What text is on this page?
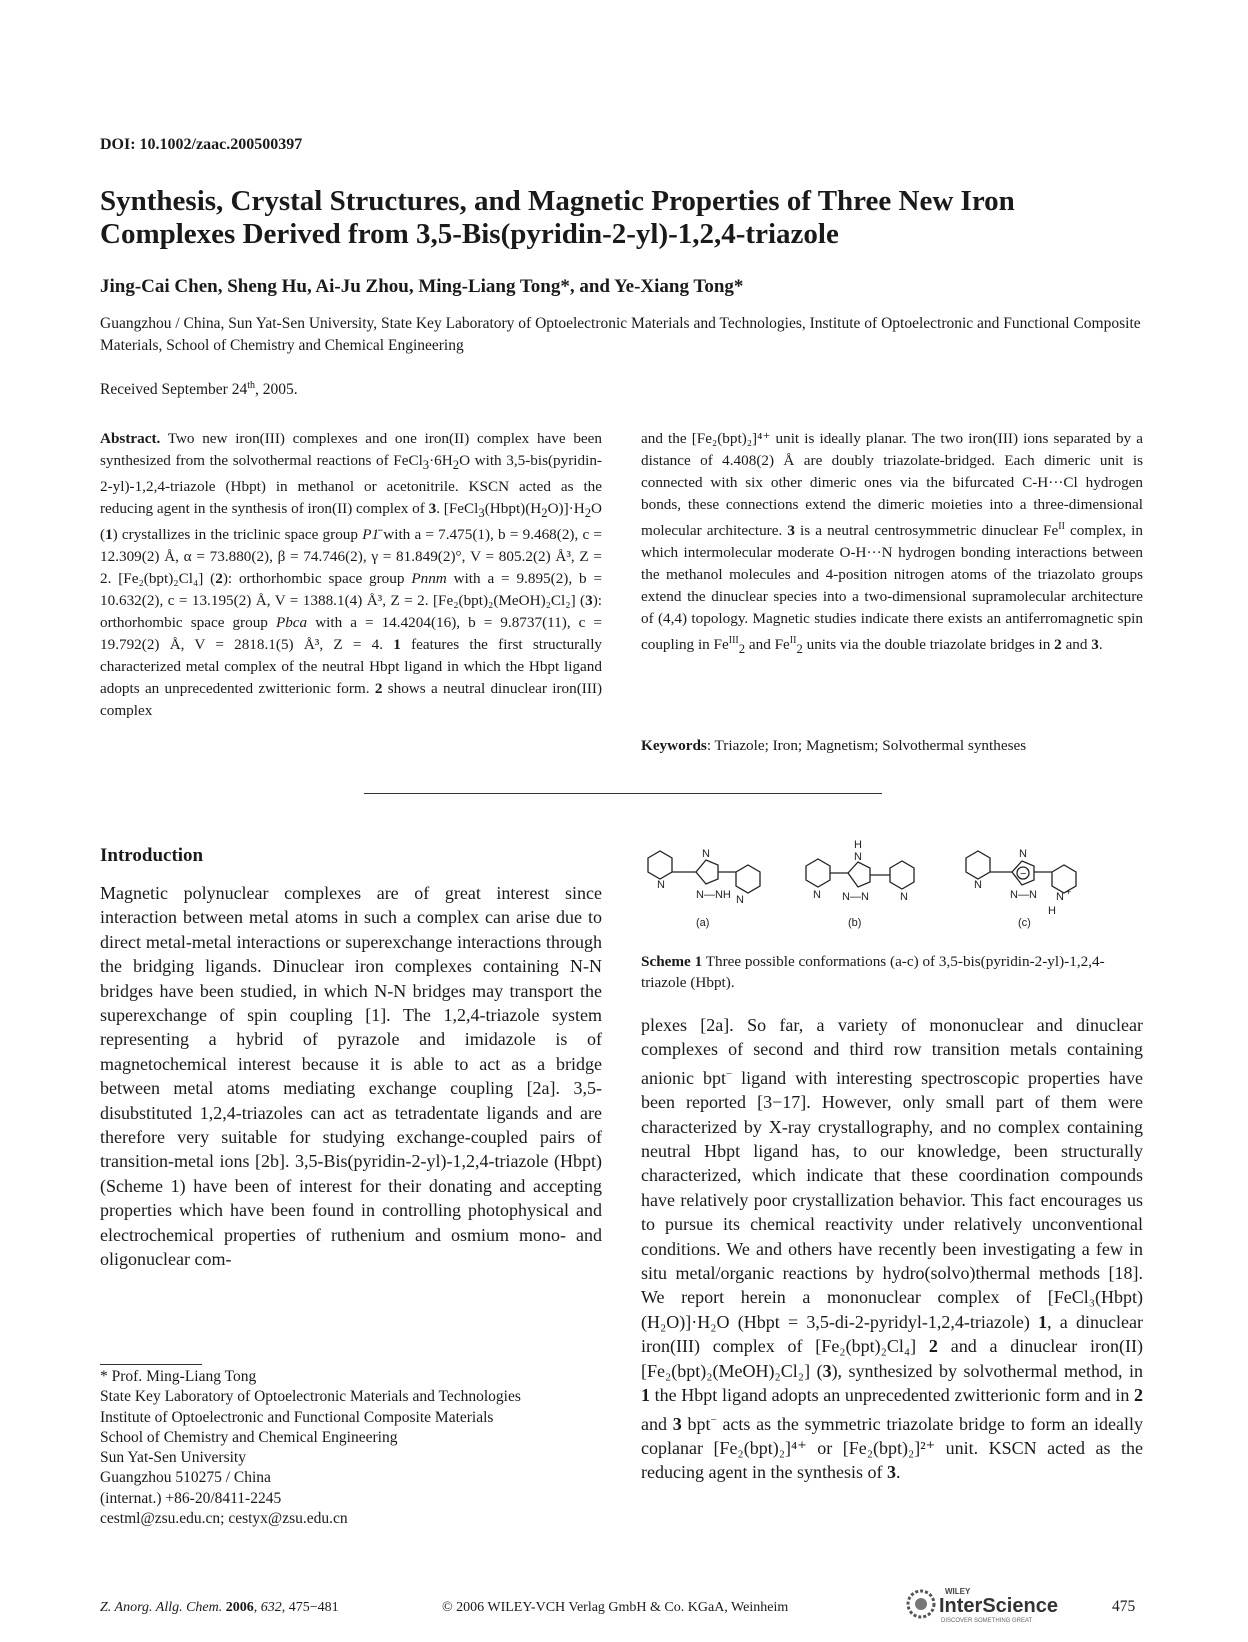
DOI: 10.1002/zaac.200500397
Synthesis, Crystal Structures, and Magnetic Properties of Three New Iron Complexes Derived from 3,5-Bis(pyridin-2-yl)-1,2,4-triazole
Jing-Cai Chen, Sheng Hu, Ai-Ju Zhou, Ming-Liang Tong*, and Ye-Xiang Tong*
Guangzhou / China, Sun Yat-Sen University, State Key Laboratory of Optoelectronic Materials and Technologies, Institute of Optoelectronic and Functional Composite Materials, School of Chemistry and Chemical Engineering
Received September 24th, 2005.
Abstract. Two new iron(III) complexes and one iron(II) complex have been synthesized from the solvothermal reactions of $FeCl_3\cdot 6H_2O$ with 3,5-bis(pyridin-2-yl)-1,2,4-triazole (Hbpt) in methanol or acetonitrile. KSCN acted as the reducing agent in the synthesis of iron(II) complex of 3. $[FeCl_3(Hbpt)(H_2O)]\cdot H_2O$ (1) crystallizes in the triclinic space group P1̄ with a = 7.475(1), b = 9.468(2), c = 12.309(2) Å, α = 73.880(2), β = 74.746(2), γ = 81.849(2)°, V = 805.2(2) Å³, Z = 2. [Fe₂(bpt)₂Cl₄] (2): orthorhombic space group Pnnm with a = 9.895(2), b = 10.632(2), c = 13.195(2) Å, V = 1388.1(4) Å³, Z = 2. [Fe₂(bpt)₂(MeOH)₂Cl₂] (3): orthorhombic space group Pbca with a = 14.4204(16), b = 9.8737(11), c = 19.792(2) Å, V = 2818.1(5) Å³, Z = 4. 1 features the first structurally characterized metal complex of the neutral Hbpt ligand in which the Hbpt ligand adopts an unprecedented zwitterionic form. 2 shows a neutral dinuclear iron(III) complex
and the [Fe₂(bpt)₂]⁴⁺ unit is ideally planar. The two iron(III) ions separated by a distance of 4.408(2) Å are doubly triazolate-bridged. Each dimeric unit is connected with six other dimeric ones via the bifurcated C-H···Cl hydrogen bonds, these connections extend the dimeric moieties into a three-dimensional molecular architecture. 3 is a neutral centrosymmetric dinuclear $Fe^{II}$ complex, in which intermolecular moderate O-H···N hydrogen bonding interactions between the methanol molecules and 4-position nitrogen atoms of the triazolato groups extend the dinuclear species into a two-dimensional supramolecular architecture of (4,4) topology. Magnetic studies indicate there exists an antiferromagnetic spin coupling in $Fe^{III}_2$ and $Fe^{II}_2$ units via the double triazolate bridges in 2 and 3.
Keywords: Triazole; Iron; Magnetism; Solvothermal syntheses
Introduction
Magnetic polynuclear complexes are of great interest since interaction between metal atoms in such a complex can arise due to direct metal-metal interactions or superexchange interactions through the bridging ligands. Dinuclear iron complexes containing N-N bridges have been studied, in which N-N bridges may transport the superexchange of spin coupling [1]. The 1,2,4-triazole system representing a hybrid of pyrazole and imidazole is of magnetochemical interest because it is able to act as a bridge between metal atoms mediating exchange coupling [2a]. 3,5-disubstituted 1,2,4-triazoles can act as tetradentate ligands and are therefore very suitable for studying exchange-coupled pairs of transition-metal ions [2b]. 3,5-Bis(pyridin-2-yl)-1,2,4-triazole (Hbpt) (Scheme 1) have been of interest for their donating and accepting properties which have been found in controlling photophysical and electrochemical properties of ruthenium and osmium mono- and oligonuclear com-
N
N
N—NH N
(a)
H
N
N—N
N	N
(b)
N
N
−
N—N N +
H
(c)
Scheme 1 Three possible conformations (a-c) of 3,5-bis(pyridin-2-yl)-1,2,4-triazole (Hbpt).
plexes [2a]. So far, a variety of mononuclear and dinuclear complexes of second and third row transition metals containing anionic bpt− ligand with interesting spectroscopic properties have been reported [3−17]. However, only small part of them were characterized by X-ray crystallography, and no complex containing neutral Hbpt ligand has, to our knowledge, been structurally characterized, which indicate that these coordination compounds have relatively poor crystallization behavior. This fact encourages us to pursue its chemical reactivity under relatively unconventional conditions. We and others have recently been investigating a few in situ metal/organic reactions by hydro(solvo)thermal methods [18]. We report herein a mononuclear complex of [FeCl₃(Hbpt)(H₂O)]·H₂O (Hbpt = 3,5-di-2-pyridyl-1,2,4-triazole) 1, a dinuclear iron(III) complex of [Fe₂(bpt)₂Cl₄] 2 and a dinuclear iron(II) [Fe₂(bpt)₂(MeOH)₂Cl₂] (3), synthesized by solvothermal method, in 1 the Hbpt ligand adopts an unprecedented zwitterionic form and in 2 and 3 bpt− acts as the symmetric triazolate bridge to form an ideally coplanar [Fe₂(bpt)₂]⁴⁺ or [Fe₂(bpt)₂]²⁺ unit. KSCN acted as the reducing agent in the synthesis of 3.
* Prof. Ming-Liang Tong
State Key Laboratory of Optoelectronic Materials and Technologies
Institute of Optoelectronic and Functional Composite Materials
School of Chemistry and Chemical Engineering
Sun Yat-Sen University
Guangzhou 510275 / China
(internat.) +86-20/8411-2245
cestml@zsu.edu.cn; cestyx@zsu.edu.cn
Z. Anorg. Allg. Chem. 2006, 632, 475−481	© 2006 WILEY-VCH Verlag GmbH & Co. KGaA, Weinheim
WILEY
InterScience
DISCOVER SOMETHING GREAT
475
